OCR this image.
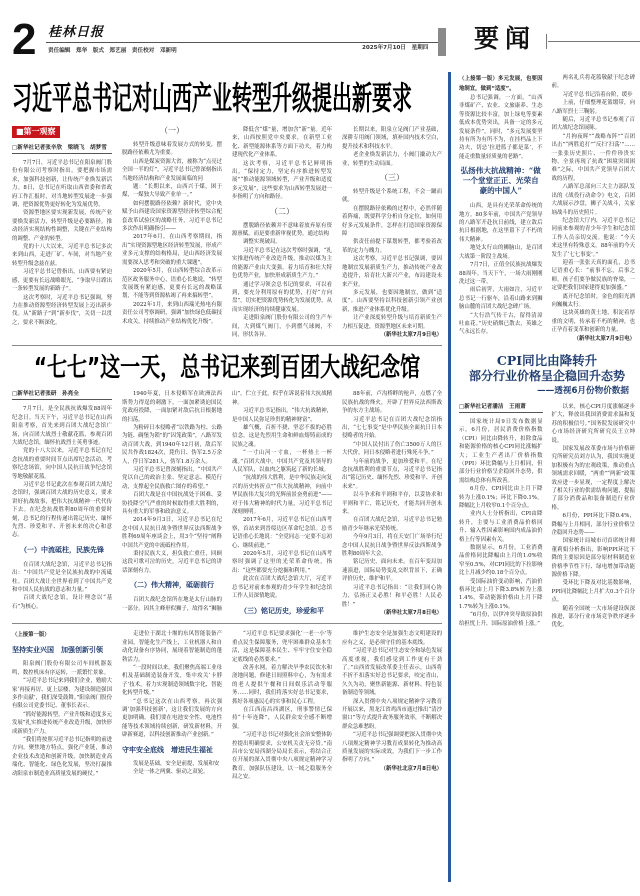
2 桂林日报
责任编辑　郑华　版式　郑艺丽　责任校对　邓新明	2025年7月10日　星期四 要闻
习近平总书记对山西产业转型升级提出新要求
■第一观察

□新华社记者张辛欣　梁晓飞　胡梦雪

7月7日，习近平总书记在阳泉阀门股份有限公司考察时指出，要把握市场需求，加强科技创新，让传统产业焕发新活力。8日，总书记在听取山西省委和省政府工作汇报时，对当地转型发展进一步强调，把资源优势更好转化为发展优势。

资源型地区要实现新发展，传统产业要焕发新活力，转型升级是必要路径。推动经济实现结构性调整，关键在产业结构的调整、产业的转型。

党的十八大以来，习近平总书记多次来到山西，走进厂矿、车间，对当地产业转型升级念兹在兹。

习近平总书记曾指出，山西要有紧迫感，更要有长远战略眼光，“争取早日蹚出一条转型发展的新路子”。

这次考察时，习近平总书记强调，努力在推动资源型经济转型发展上迈出新步伐。从“新路子”到“新步伐”，关切一以贯之，要求不断深化。

（一）

转型升级意味着发展方式的转变，摆脱路径依赖尤为重要。

山西是煤炭资源大省，被称为“点亮过全国一半的灯”，习近平总书记曾深刻指出当地经济结构和产业发展面临的问

题：“长期以来，山西兴于煤，困于煤，一煤独大导致产业单一。”

如何摆脱路径依赖？新时代，党中央赋予山西建设国家资源型经济转型综合配套改革试验区的战略任务，习近平总书记多次作出明确指引——

2017年6月，在山西考察期间，指出“实现资源型地区经济转型发展，形成产业多元支撑的结构格局，是山西经济发展需要深入思考和突破的重大课题”。

2020年5月，在山西转型综合改革示范区政务服务中心，语重心长地说，“转型发展既有紧迫感，更要有长远的战略谋划，不能等到资源枯竭了再来搞转型”。

2022年1月，来到山西瑞光热电有限责任公司考察调研，强调“加快绿色低碳技术攻关，持续推动产业结构优化升级”。

降低含“煤”量，增加含“新”量。近年来，山西按照党中央要求，在新型工业化、新型能源体系等方面下功夫，着力构建现代化产业体系。

这次考察，习近平总书记鲜明指出，“保持定力，坚定有序推进转型发展”“推动能源领域转型，产业升级和适度多元发展”，这些要求为山西转型发展进一步指明了方向和路径。

（二）

摆脱路径依赖并不意味着放弃原有资源禀赋，而是要重新审视优势，通过结构

调整实现破局。

习近平总书记在这次考察时强调，“扎实推进传统产业改造升级，推动以煤为主的能源产业由大变强，着力培育和壮大特色优势产业，加快形成新质生产力。”

通过学习领会总书记的要求，可以看到，要充分利用原有的优势，打好“方向盘”，切实把资源优势转化为发展优势，从而实现经济的持续健康发展。

走进阳泉阀门股份有限公司的生产车间，大到煤气阀门，小到燃气球阀，不同，形状各异。

长期以来，阳泉立足阀门产业基础，深耕专用阀门领域，填补国内技术空白，提升技术和科技水平。

老企业焕发新活力，小阀门撬动大产业，转型的生动局面。

（三）

转型升级是个系统工程，不会一蹴而就。

在摆脱路径依赖的过程中，必然伴随着阵痛，既要科学分析自身定位，如何用好多元发展条件，怎样在打造国家资源保障

供责任前提下谋划转型，都考验着改革的定力与魄力。

这次考察，习近平总书记强调，要因地制宜发展新质生产力，推动传统产业改造提升，培育壮大新兴产业，布局建设未来产业。

多元发展，也要因地制宜，做到“适度”。山西要坚持以科技创新引领产业创新，推进产业体系优化升级。

让产业深度转型升级与培育新质生产力相互促进，资源型地区未来可期。

（新华社太原7月9日电）

“七七”这一天，总书记来到百团大战纪念馆

□新华社记者张研　孙亮全

7月7日，是全民族抗战爆发88周年纪念日。当天下午，习近平总书记在山西阳泉考察，首先来到百团大战纪念馆广场，向百团大战烈士敬献花篮，参观百团大战纪念馆，缅怀抗战烈士英勇事迹。

党的十八大以来，习近平总书记在纪念抗战的重要时间节点出席纪念活动，考察纪念场馆，向中国人民抗日战争纪念馆等地敬献花篮。

习近平总书记此次在参观百团大战纪念馆时，强调百团大战的历史意义，要求讲好抗战故事，把伟大抗战精神一代代传下去。在纪念抗战胜利80周年的重要时刻，总书记的行程传递出铭记历史、缅怀先烈、珍爱和平、开创未来的决心和意志。

（一）中流砥柱，民族先锋

在百团大战纪念馆，习近平总书记指出：“中国共产党是全民族抗战的中流砥柱。百团大战让全世界看到了中国共产党和中国人民抗战的意志和力量。”

百团大战纪念馆，设计理念以“基石”为核心。

1940年夏，日本侵略军在欧洲法西斯势力得逞的刺激下，一面加紧诱迫国民党政府投降，一面加紧对敌后抗日根据地的扫荡。

为粉碎日本侵略者“以铁路为柱、公路为链、碉堡为锁”的“囚笼政策”，八路军发动百团大战，到1940年12月初，敌后军民共作战1824次，毙伤日、伪军2.5万余人，俘日军281人，伪军1.8万余人。

习近平总书记曾深刻指出，“中国共产党以自己的政治主张、坚定意志、模范行动，支撑起全民族救亡图存的希望。”

百团大战是在中国抗战处于困难、妥协投降空气严重的时候取得重大胜利的，具有重大的军事和政治意义。

2014年9月3日，习近平总书记在纪念中国人民抗日战争暨世界反法西斯战争胜利69周年座谈会上，用3个“坚持”阐释中国共产党的中流砥柱作用。

秉持民族大义，担负救亡重任，回顾这段可歌可泣的历史，习近平总书记的讲话深刻有力。

（二）伟大精神，砥砺前行

百团大战纪念馆所在地是太行山脉的一部分。因其主峰形似狮子，故得名“狮脑山”。伫立于此，似乎在诉说着伟大抗战精神。

习近平总书记指出，“伟大抗战精神，是中国人民弥足珍贵的精神财富”。

雄气概，百折不挠、坚忍不拔的必胜信念。这是先烈用生命和鲜血熔铸而成的民族之魂。

“一寸山河一寸血，一杯热土一杯魂。”百团大战中，中国共产党及其领导的人民军队，以血肉之躯筑起了新的长城。

“抗战的伟大胜利，是中华民族走向复兴的历史转折点”“伟大抗战精神，向前中华民族伟大复兴的光辉前景奋勇前进”——对于伟大精神的时代力量，习近平总书记深刻阐明。

2017年6月，习近平总书记在山西考察，首站来到晋绥边区革命纪念馆。总书记语重心长地说：“全党同志一定要不忘初心、继续前进。”

2020年5月，习近平总书记在山西考察时强调了这里的光荣革命传统，指出：“这些都要充分挖掘和利用。”

此次在百团大战纪念馆大厅，习近平总书记对前来参观的青少年学生和纪念馆工作人员深情地说。

（三）铭记历史，珍爱和平

88年前，卢沟桥畔的枪声，点燃了全民族抗战的烽火，开辟了世界反法西斯战争的东方主战场。

习近平总书记在百团大战纪念馆指出，“七七事变”是中华民族全面抗日日本侵略者的开始。

“中国人民付出了伤亡3500万人的巨大代价，同日本侵略者进行殊死斗争。”

与年前的战争，更加珍爱和平。在纪念抗战胜利的重要节点，习近平总书记指出“铭记历史、缅怀先烈、珍爱和平、开创未来”。

以斗争求和平则和平存，以妥协求和平则和平亡，铭记历史，才能共同开创未来。

在百团大战纪念馆，习近平总书记勉励青少年继承光荣传统。

今年9月3日，将在天安门广场举行纪念中国人民抗日战争暨世界反法西斯战争胜利80周年大会。

铭记历史，面向未来。在百年变局加速演进，国际局势变乱交织背景下，正确评价历史，维护和平。

习近平总书记指出：“让我们同心协力，弘扬正义必胜！和平必胜！人民必胜！”

（新华社太原7月8日电）

（上接第一版）

坚持实业兴国　加强创新引领

阳泉阀门股份有限公司车间机器轰鸣，数控机床有序运转，一派繁忙景象。

“习近平总书记来到我们企业，勉励大家‘再接再厉、更上层楼，为建设制造强国多作贡献’，我们深受鼓舞。”阳泉阀门股份有限公司党委书记、董事长表示。

“抓好能源转型，产业升级和适度多元发展”扎实推进传统产业改造升级，加快形成新质生产力。

“我们将按照习近平总书记指明的前进方向，聚焦地方特点，强化产业链，推动企业技术改造和创新升级，加快制造业高端化、智能化、绿色化发展，坚决打赢推动阳泉市制造业高质量发展的硬仗。”

走进位于湖北十堰的东风智能装备产业园，智能化生产线上，工业机器人和自动化设备有序协同，展现着智能制造的蓬勃活力。

“一段时间以来，我们聚焦高端工业母机及基础制造装备开发，集中攻关‘卡脖子’技术，着力实现制造领域数字化、智能化转型升级。”

“总书记这次在山西考察，再次强调‘加强科技创新’，这让我们发展的方向更加明确。我们要在电池安全性、电池性能等技术领域持续创新，研发新材料，开辟新赛道，以科技创新推动产业创新。”

守牢安全底线　增进民生福祉

发展是基础，安全是前提，发展和安

全是一体之两翼、驱动之双轮。

“习近平总书记要求强化‘一老一小’等重点民生保障服务，兜牢困难群众基本生活，这是保障基本民生、牢牢守住安全稳定底线的必然要求。”

改善水网，着力解决旱季农民饮水和浇地问题，修建日间照料中心，为有需求的老人提供午餐和日间娱乐活动等服务……同时，我们将落实好总书记要求，抓好各项惠民心的实事和民心工程。

在江西南昌西湖区，刑事警情已保持“十年连降”，人民群众安全感不断增强。

“习近平总书记对强化社会治安整体防控提出明确要求，公安机关责无旁贷。”南昌市公安局西湖分局局长表示，将结合正在开展的深入贯彻中央八项规定精神学习教育，加强队伍建设，以一域之稳服务全局之安。

维护生态安全是加强生态文明建设的应有之义，是必须守住的基本底线。

“习近平总书记对生态安全和绿色发展高度重视，我们感觉到工作更有干劲了。”山西省发展改革委主任表示，山西将不折不扣落实好总书记要求，咬定青山，久久为功，聚焦新能源、新材料、特色装备制造等领域。

深入贯彻中央八项规定精神学习教育开展以来，黑龙江省鸡西市通过推出“清沙窗口”等方式提升政务服务效率，不断解决群众急难愁盼。

“习近平总书记强调要把深入贯彻中央八项规定精神学习教育成果转化为推动高质量发展的实际成效，为我们下一步工作指明了方向。”

（新华社北京7月8日电）

（上接第一版）多元发展，也要因地制宜，做到“适度”。

总书记强调，一方面，“山西非煤矿产、农业、文旅康养、生态等资源比较丰富，加上绿电等要素低成本优势突出，具备一定的多元发展条件”，同时，“多元发展要坚持有所为有所不为，在挂档品上下功夫，切忌‘拉进篮子都是菜’，不能走重数量轻质量的老路”。

弘扬伟大抗战精神：“做一个堂堂正正、光荣自豪的中国人”

山西，是具有光荣革命传统的地方。80多年前，中国共产党领导的八路军开赴抗日前线，建立敌后抗日根据地，在这里留下了不朽的伟大精神。

地处太行山的狮脑山，是百团大战第一阶段主战场。

7月7日，正值全民族抗战爆发88周年。当天下午，一场大雨刚刚洗过这一带。

雨后初霁，大雨如注，习近平总书记一行驱车，沿着山路来到狮脑山麓的百团大战纪念碑广场。

“大行浩气传千古，留得清漳吐血花。”历史硝烟已散去，英雄之气永远长存。

两名礼兵将花篮敬献于纪念碑前。

习近平总书记沿着台阶，缓步

上前，仔细整理花篮缎带，向八路军烈士三鞠躬。

随后，习近平总书记参观了百团大战纪念馆展陈。

“月拘夜晖”“战略布阵”“百团出击”“两胜追打”“反扫‘扫荡’”……一张张历史照片、一件件珍贵实物，全景再现了抗战“困境突围困难”之际，中国共产党领导百团大战的历程。

八路军总部向三大主力部队发出的《战役行动命令》电文，百团大战展示沙盘，狮子关战斗，关家垴战斗的历史照片。

纪念馆大厅内，习近平总书记同前来参观的青少年学生和纪念馆工作人员亲切交流。他说：“今天来这里有特殊意义。88年前的今天发生了‘七七事变’。”

迎着一张张天真的面孔，总书记语重心长：“前事不忘，后事之师。孩子们要争做民族的脊梁，一定要把我们国家建得更加强盛。”

离开纪念馆时，金色的阳光洒向巍巍太行。

这块英雄的黄土地，积淀着厚重的文明，传承着不朽的精神，也正孕育着变革和创新的力量。

（新华社太原7月9日电）

CPI同比由降转升
部分行业价格呈企稳回升态势
——透视6月份物价数据

□新华社记者潘洁　王雨萧

国家统计局9日发布数据显示，6月份，居民消费价格指数（CPI）同比由降转升，扣除食品和能源价格的核心CPI同比涨幅扩大；工业生产者出厂价格指数（PPI）环比降幅与上月相同，但部分行业价格呈企稳回升态势，供需结构总体有所改善。

6月份，CPI同比由上月下降转为上涨0.1%；环比下降0.1%，降幅比上月收窄0.1个百分点。

业内人士分析指出，CPI由降转升，主要与工业消费品价格回升、输入性因素影响国内成品油价格上行等因素有关。

数据显示，6月份，工业消费品价格同比降幅由上月的1.0%收窄至0.5%，对CPI同比的下拉影响比上月减少约0.18个百分点。

受国际油价变动影响，汽油价格环比由上月下降3.8%转为上涨1.4%，带动能源价格由上月下降1.7%转为上涨0.1%。

“6月份，以伊冲突导致原油供给担忧上升，国际原油价格上涨。”

以来，核心CPI月度涨幅逐步扩大，释放出我国消费需求温和复苏的积极信号。”国务院发展研究中心市场经济研究所研究员王立坤说。

国家发展改革委市场与价格研究所研究员刘方认为，我国实施更加积极有为的宏观政策，推动重点领域需求回暖，“两重”“两新”政策效应进一步显现，一定程度上解决了相关行业的供需结构问题，提振了部分消费品和装备制造行业价格。

6月份，PPI环比下降0.4%，降幅与上月相同，部分行业价格呈企稳回升态势——

国家统计局城市司首席统计师董莉娟分析指出，影响PPI环比下降的主要原因是部分原材料制造业价格季节性下行、绿电增加带动能源价格下降。

受环比下降及对比基数影响，PPI同比降幅比上月扩大0.3个百分点。

随着全国统一大市场建设纵深推进，部分行业市场竞争秩序逐步优化。
